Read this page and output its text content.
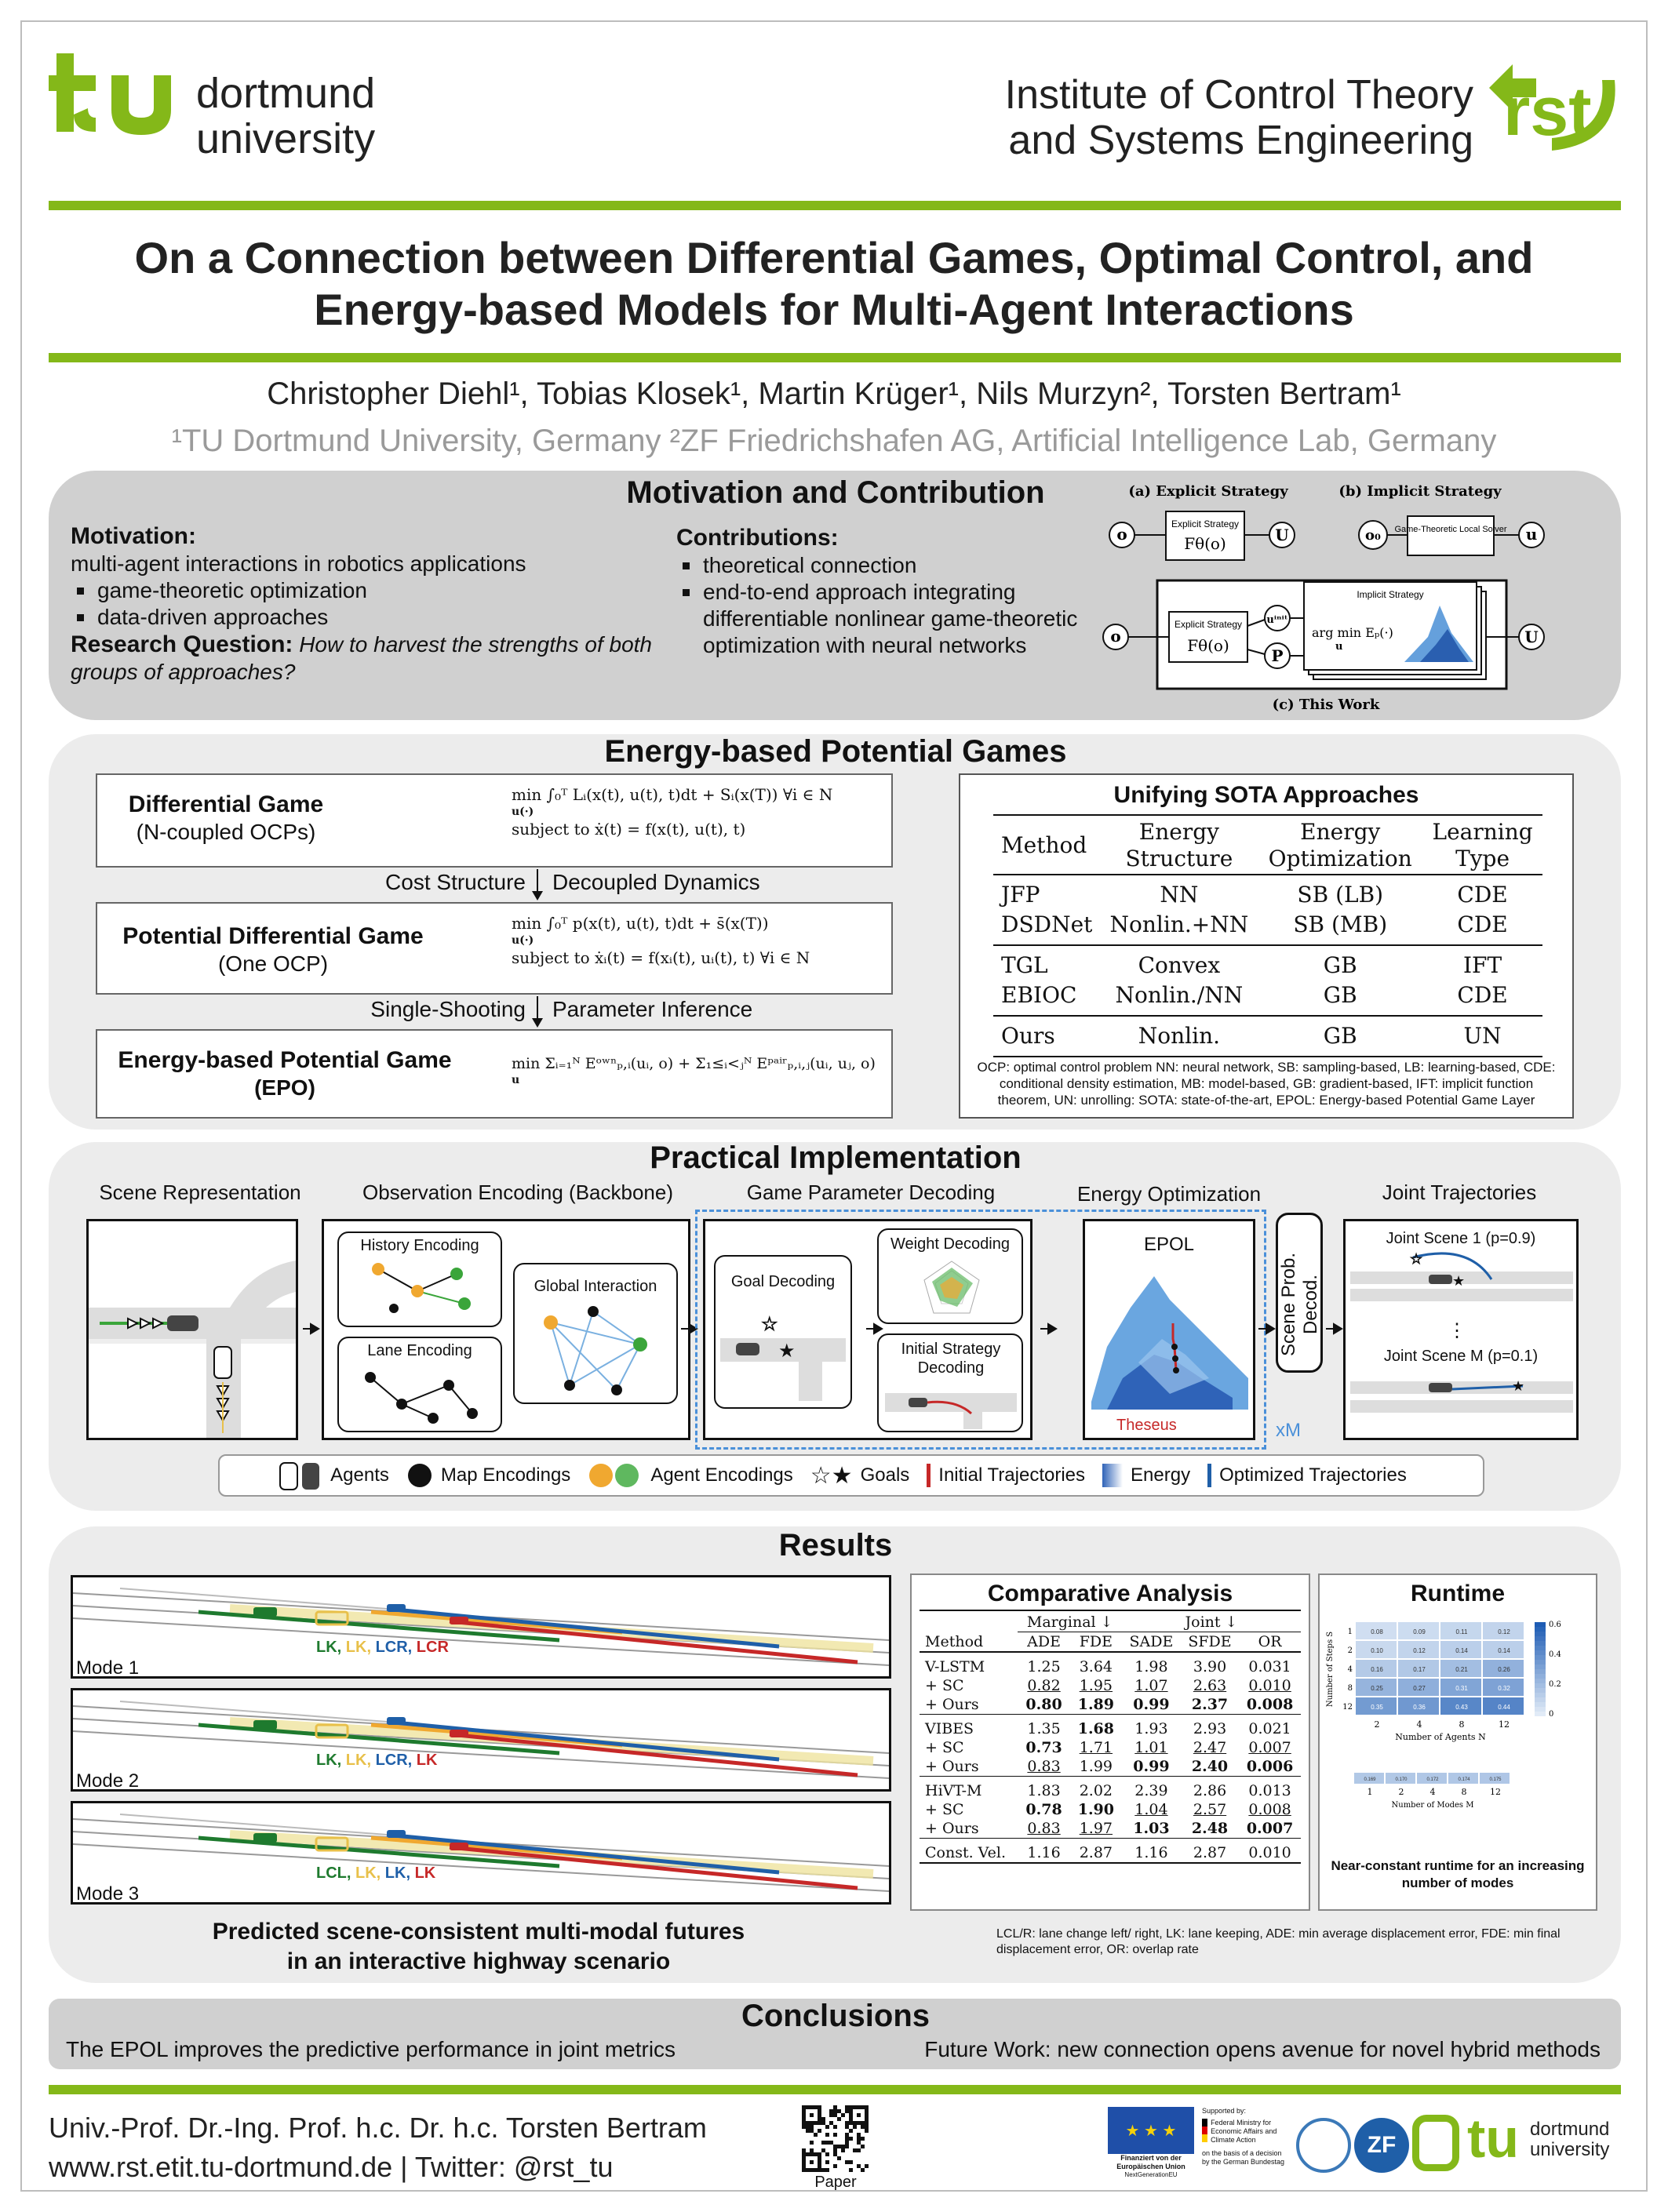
dortmund
university
Institute of Control Theory
and Systems Engineering rst
On a Connection between Differential Games, Optimal Control, and
Energy-based Models for Multi-Agent Interactions
Christopher Diehl¹, Tobias Klosek¹, Martin Krüger¹, Nils Murzyn², Torsten Bertram¹
¹TU Dortmund University, Germany ²ZF Friedrichshafen AG, Artificial Intelligence Lab, Germany
Motivation and Contribution
Motivation:
multi-agent interactions in robotics applications
game-theoretic optimization
data-driven approaches
Research Question: How to harvest the strengths of both groups of approaches?
Contributions:
theoretical connection
end-to-end approach integrating differentiable nonlinear game-theoretic optimization with neural networks
(a) Explicit Strategy	(b) Implicit Strategy
o
Explicit Strategy
Fθ(o)	U	o₀ Game-Theoretic Local Solver u
o
Explicit Strategy
Fθ(o)
uⁱⁿⁱᵗ
P
Implicit Strategy
arg min Eₚ(·)
u
U
(c) This Work
Energy-based Potential Games
Differential Game
(N-coupled OCPs)
min ∫₀ᵀ Lᵢ(x(t), u(t), t)dt + Sᵢ(x(T)) ∀i ∈ N
u(·)
subject to ẋ(t) = f(x(t), u(t), t)
Cost Structure Decoupled Dynamics
Potential Differential Game
(One OCP)
min ∫₀ᵀ p(x(t), u(t), t)dt + s̄(x(T))
u(·)
subject to ẋᵢ(t) = f(xᵢ(t), uᵢ(t), t) ∀i ∈ N
Single-Shooting Parameter Inference
Energy-based Potential Game
(EPO)
min Σᵢ₌₁ᴺ Eᵒʷⁿₚ,ᵢ(uᵢ, o) + Σ₁≤ᵢ<ⱼᴺ Eᵖᵃⁱʳₚ,ᵢ,ⱼ(uᵢ, uⱼ, o)
u
Unifying SOTA Approaches
Method	Energy Structure	Energy Optimization	Learning Type
JFP	NN	SB (LB)	CDE
DSDNet	Nonlin.+NN	SB (MB)	CDE
TGL	Convex	GB	IFT
EBIOC	Nonlin./NN	GB	CDE
Ours	Nonlin.	GB	UN
OCP: optimal control problem NN: neural network, SB: sampling-based, LB: learning-based, CDE: conditional density estimation, MB: model-based, GB: gradient-based, IFT: implicit function theorem, UN: unrolling: SOTA: state-of-the-art, EPOL: Energy-based Potential Game Layer
Practical Implementation
Scene Representation	Observation Encoding (Backbone)	Game Parameter Decoding	Energy Optimization	Joint Trajectories
History Encoding
Lane Encoding
Global Interaction	Goal Decoding
☆
★
Weight Decoding
Initial Strategy Decoding
EPOL
Theseus	xM
Scene Prob. Decod.
Joint Scene 1 (p=0.9)
☆
★
⋮
Joint Scene M (p=0.1)
★
Agents	Map Encodings	Agent Encodings ☆★ Goals Initial Trajectories Energy Optimized Trajectories
Results
LK, LK, LCR, LCR
Mode 1
LK, LK, LCR, LK
Mode 2
LCL, LK, LK, LK
Mode 3
Predicted scene-consistent multi-modal futures
in an interactive highway scenario
Comparative Analysis
	Marginal ↓		Joint ↓		
Method	ADE	FDE	SADE	SFDE	OR
V-LSTM	1.25	3.64	1.98	3.90	0.031
+ SC	0.82	1.95	1.07	2.63	0.010
+ Ours	0.80	1.89	0.99	2.37	0.008
VIBES	1.35	1.68	1.93	2.93	0.021
+ SC	0.73	1.71	1.01	2.47	0.007
+ Ours	0.83	1.99	0.99	2.40	0.006
HiVT-M	1.83	2.02	2.39	2.86	0.013
+ SC	0.78	1.90	1.04	2.57	0.008
+ Ours	0.83	1.97	1.03	2.48	0.007
Const. Vel.	1.16	2.87	1.16	2.87	0.010
LCL/R: lane change left/ right, LK: lane keeping, ADE: min average displacement error, FDE: min final displacement error, OR: overlap rate
Runtime
0.08	0.09	0.11	0.12
0.10	0.12	0.14	0.14
0.16	0.17	0.21	0.26
0.25	0.27	0.31	0.32
0.35	0.36	0.43	0.44
1
2
4
8
12
2	4	8	12
Number of Agents N
Number of Steps S
0.6
0.4
0.2
0
0.169	0.170	0.172	0.174	0.175
1	2	4	8	12
Number of Modes M
Near-constant runtime for an increasing number of modes
Conclusions
The EPOL improves the predictive performance in joint metrics	Future Work: new connection opens avenue for novel hybrid methods
Univ.-Prof. Dr.-Ing. Prof. h.c. Dr. h.c. Torsten Bertram
www.rst.etit.tu-dortmund.de | Twitter: @rst_tu	Paper
★ ★ ★
Finanziert von der Europäischen Union
NextGenerationEU
Supported by:
Federal Ministry for Economic Affairs and Climate Action
on the basis of a decision by the German Bundestag
ZF tu dortmund
university
